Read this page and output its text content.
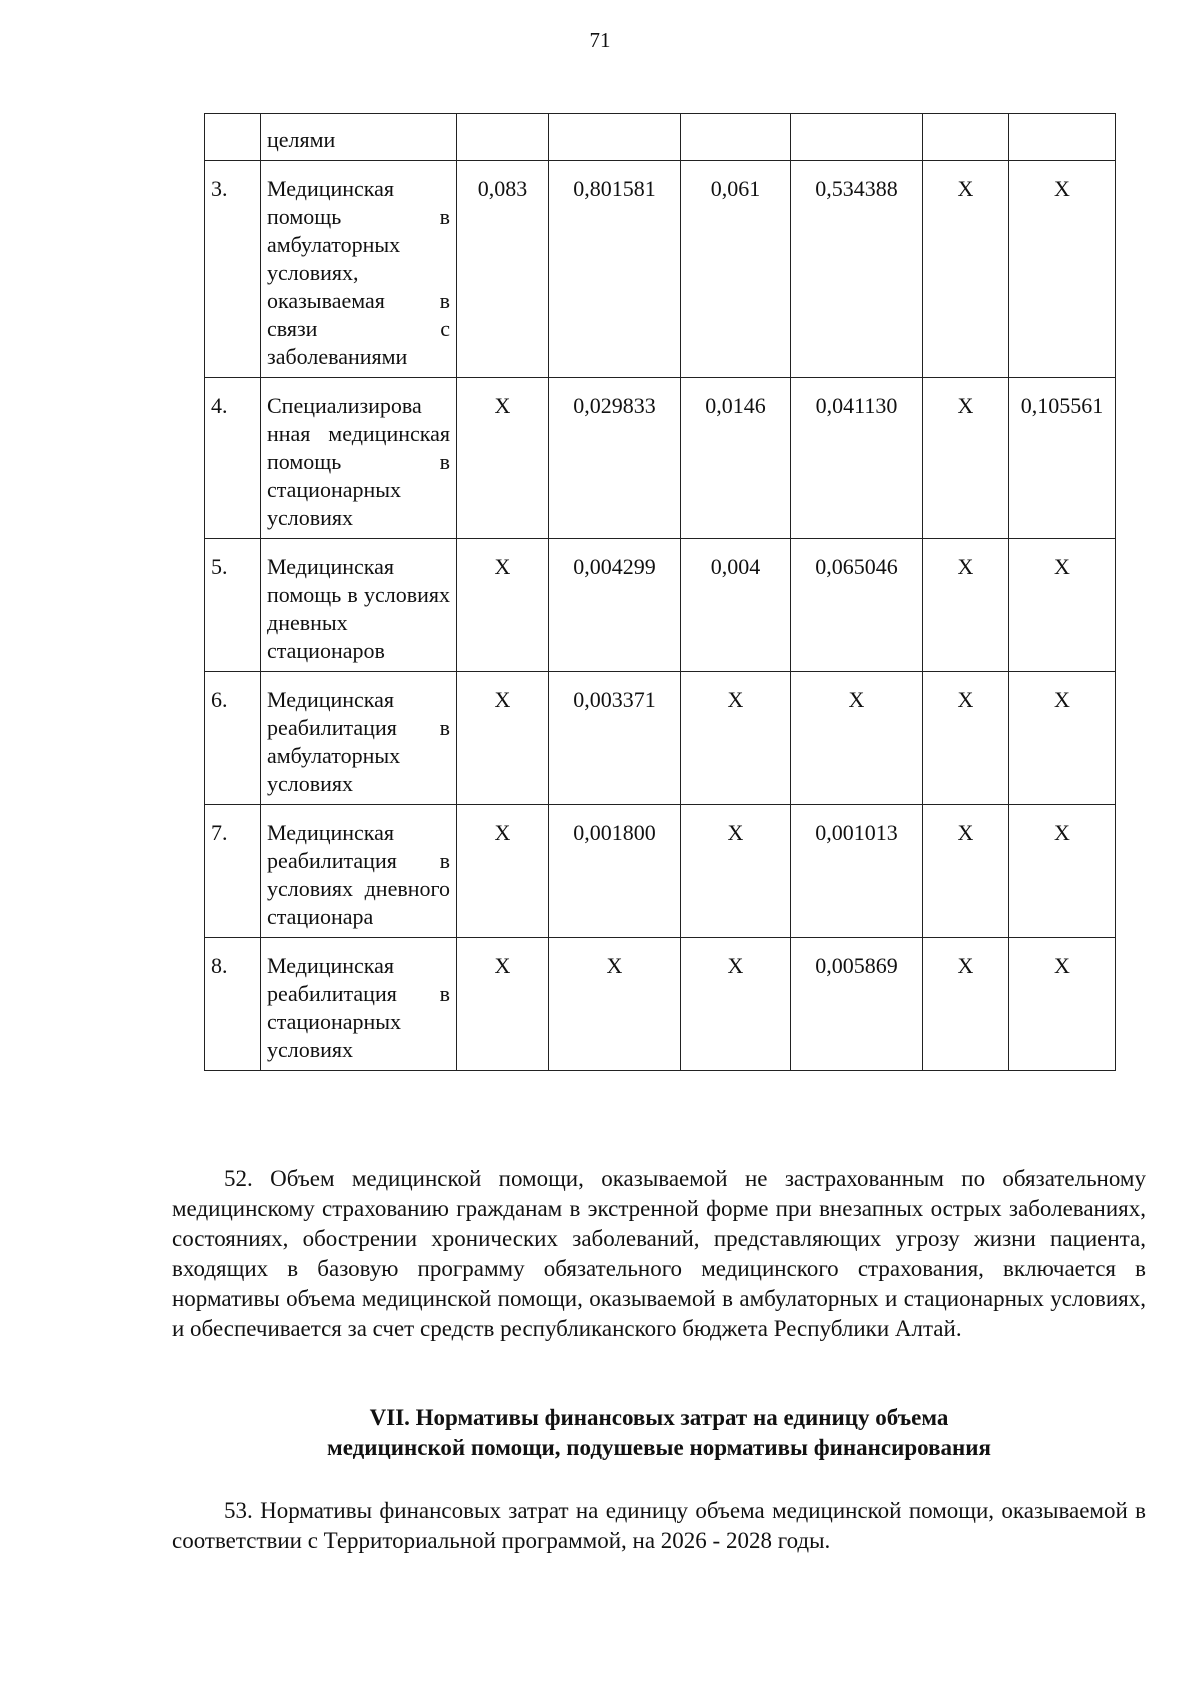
71
	целями						
3.	Медицинская помощь в амбулаторных условиях, оказываемая в связи с заболеваниями	0,083	0,801581	0,061	0,534388	X	X
4.	Специализирова нная медицинская помощь в стационарных условиях	X	0,029833	0,0146	0,041130	X	0,105561
5.	Медицинская помощь в условиях дневных стационаров	X	0,004299	0,004	0,065046	X	X
6.	Медицинская реабилитация в амбулаторных условиях	X	0,003371	X	X	X	X
7.	Медицинская реабилитация в условиях дневного стационара	X	0,001800	X	0,001013	X	X
8.	Медицинская реабилитация в стационарных условиях	X	X	X	0,005869	X	X

52. Объем медицинской помощи, оказываемой не застрахованным по обязательному медицинскому страхованию гражданам в экстренной форме при внезапных острых заболеваниях, состояниях, обострении хронических заболеваний, представляющих угрозу жизни пациента, входящих в базовую программу обязательного медицинского страхования, включается в нормативы объема медицинской помощи, оказываемой в амбулаторных и стационарных условиях, и обеспечивается за счет средств республиканского бюджета Республики Алтай.

VII. Нормативы финансовых затрат на единицу объема
медицинской помощи, подушевые нормативы финансирования

53. Нормативы финансовых затрат на единицу объема медицинской помощи, оказываемой в соответствии с Территориальной программой, на 2026 - 2028 годы.
